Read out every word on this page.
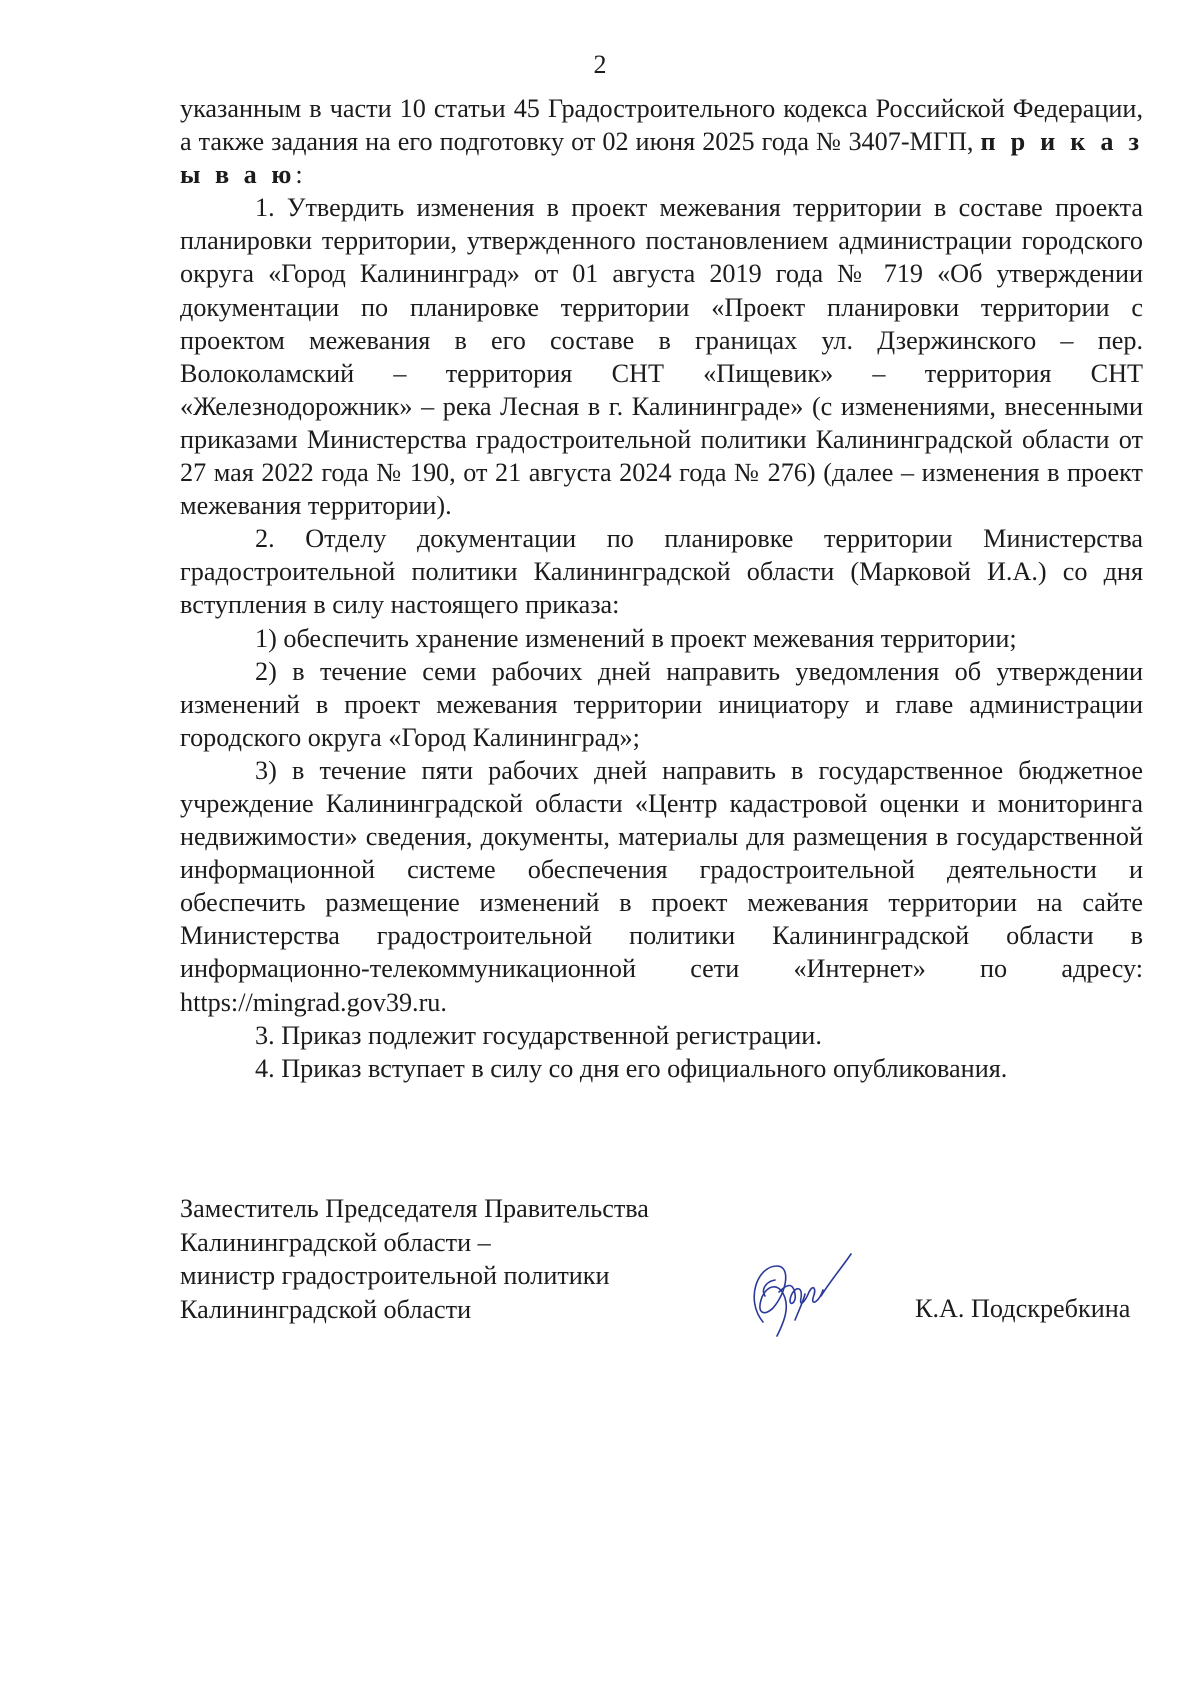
2

указанным в части 10 статьи 45 Градостроительного кодекса Российской Федерации, а также задания на его подготовку от 02 июня 2025 года № 3407-МГП, п р и к а з ы в а ю:

1. Утвердить изменения в проект межевания территории в составе проекта планировки территории, утвержденного постановлением администрации городского округа «Город Калининград» от 01 августа 2019 года № 719 «Об утверждении документации по планировке территории «Проект планировки территории с проектом межевания в его составе в границах ул. Дзержинского – пер. Волоколамский – территория СНТ «Пищевик» – территория СНТ «Железнодорожник» – река Лесная в г. Калининграде» (с изменениями, внесенными приказами Министерства градостроительной политики Калининградской области от 27 мая 2022 года № 190, от 21 августа 2024 года № 276) (далее – изменения в проект межевания территории).

2. Отделу документации по планировке территории Министерства градостроительной политики Калининградской области (Марковой И.А.) со дня вступления в силу настоящего приказа:

1) обеспечить хранение изменений в проект межевания территории;

2) в течение семи рабочих дней направить уведомления об утверждении изменений в проект межевания территории инициатору и главе администрации городского округа «Город Калининград»;

3) в течение пяти рабочих дней направить в государственное бюджетное учреждение Калининградской области «Центр кадастровой оценки и мониторинга недвижимости» сведения, документы, материалы для размещения в государственной информационной системе обеспечения градостроительной деятельности и обеспечить размещение изменений в проект межевания территории на сайте Министерства градостроительной политики Калининградской области в информационно-телекоммуникационной сети «Интернет» по адресу: https://mingrad.gov39.ru.

3. Приказ подлежит государственной регистрации.

4. Приказ вступает в силу со дня его официального опубликования.

Заместитель Председателя Правительства
Калининградской области –
министр градостроительной политики
Калининградской области	К.А. Подскребкина
